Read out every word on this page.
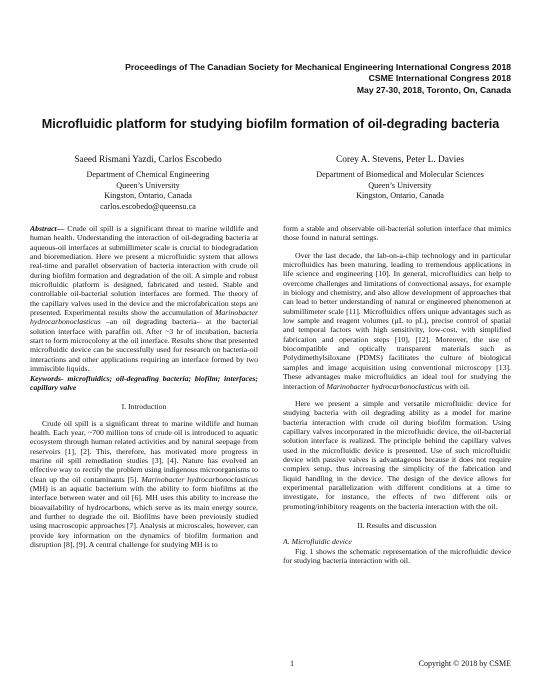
Proceedings of The Canadian Society for Mechanical Engineering International Congress 2018
CSME International Congress 2018
May 27-30, 2018, Toronto, On, Canada
Microfluidic platform for studying biofilm formation of oil-degrading bacteria
Saeed Rismani Yazdi, Carlos Escobedo
Department of Chemical Engineering
Queen’s University
Kingston, Ontario, Canada
carlos.escobedo@queensu.ca
Corey A. Stevens, Peter L. Davies
Department of Biomedical and Molecular Sciences
Queen’s University
Kingston, Ontario, Canada

Abstract— Crude oil spill is a significant threat to marine wildlife and human health. Understanding the interaction of oil-degrading bacteria at aqueous-oil interfaces at submillimeter scale is crucial to biodegradation and bioremediation. Here we present a microfluidic system that allows real-time and parallel observation of bacteria interaction with crude oil during biofilm formation and degradation of the oil. A simple and robust microfluidic platform is designed, fabricated and tested. Stable and controllable oil-bacterial solution interfaces are formed. The theory of the capillary valves used in the device and the microfabrication steps are presented. Experimental results show the accumulation of Marinobacter hydrocarbonoclasticus –an oil degrading bacteria– at the bacterial solution interface with paraffin oil. After ~3 hr of incubation, bacteria start to form microcolony at the oil interface. Results show that presented microfluidic device can be successfully used for research on bacteria-oil interactions and other applications requiring an interface formed by two immiscible liquids.

Keywords- microfluidics; oil-degrading bacteria; biofilm; interfaces; capillary valve

I. Introduction

Crude oil spill is a significant threat to marine wildlife and human health. Each year, ~700 million tons of crude oil is introduced to aquatic ecosystem through human related activities and by natural seepage from reservoirs [1], [2]. This, therefore, has motivated more progress in marine oil spill remediation studies [3], [4]. Nature has evolved an effective way to rectify the problem using indigenous microorganisms to clean up the oil contaminants [5]. Marinobacter hydrocarbonoclasticus (MH) is an aquatic bacterium with the ability to form biofilms at the interface between water and oil [6]. MH uses this ability to increase the bioavailability of hydrocarbons, which serve as its main energy source, and further to degrade the oil. Biofilms have been previously studied using macroscopic approaches [7]. Analysis at microscales, however, can provide key information on the dynamics of biofilm formation and disruption [8], [9]. A central challenge for studying MH is to

form a stable and observable oil-bacterial solution interface that mimics those found in natural settings.

Over the last decade, the lab-on-a-chip technology and in particular microfluidics has been maturing, leading to tremendous applications in life science and engineering [10]. In general, microfluidics can help to overcome challenges and limitations of convectional assays, for example in biology and chemistry, and also allow development of approaches that can lead to better understanding of natural or engineered phenomenon at submillimeter scale [11]. Microfluidics offers unique advantages such as low sample and reagent volumes (µL to pL), precise control of spatial and temporal factors with high sensitivity, low-cost, with simplified fabrication and operation steps [10], [12]. Moreover, the use of biocompatible and optically transparent materials such as Polydimethylsiloxane (PDMS) facilitates the culture of biological samples and image acquisition using conventional microscopy [13]. These advantages make microfluidics an ideal tool for studying the interaction of Marinobacter hydrocarbonoclasticus with oil.

Here we present a simple and versatile microfluidic device for studying bacteria with oil degrading ability as a model for marine bacteria interaction with crude oil during biofilm formation. Using capillary valves incorporated in the microfluidic device, the oil-bacterial solution interface is realized. The principle behind the capillary valves used in the microfluidic device is presented. Use of such microfluidic device with passive valves is advantageous because it does not require complex setup, thus increasing the simplicity of the fabrication and liquid handling in the device. The design of the device allows for experimental parallelization with different conditions at a time to investigate, for instance, the effects of two different oils or promoting/inhibitory reagents on the bacteria interaction with the oil.

II. Results and discussion

A. Microfluidic device

Fig. 1 shows the schematic representation of the microfluidic device for studying bacteria interaction with oil.

1	Copyright © 2018 by CSME
